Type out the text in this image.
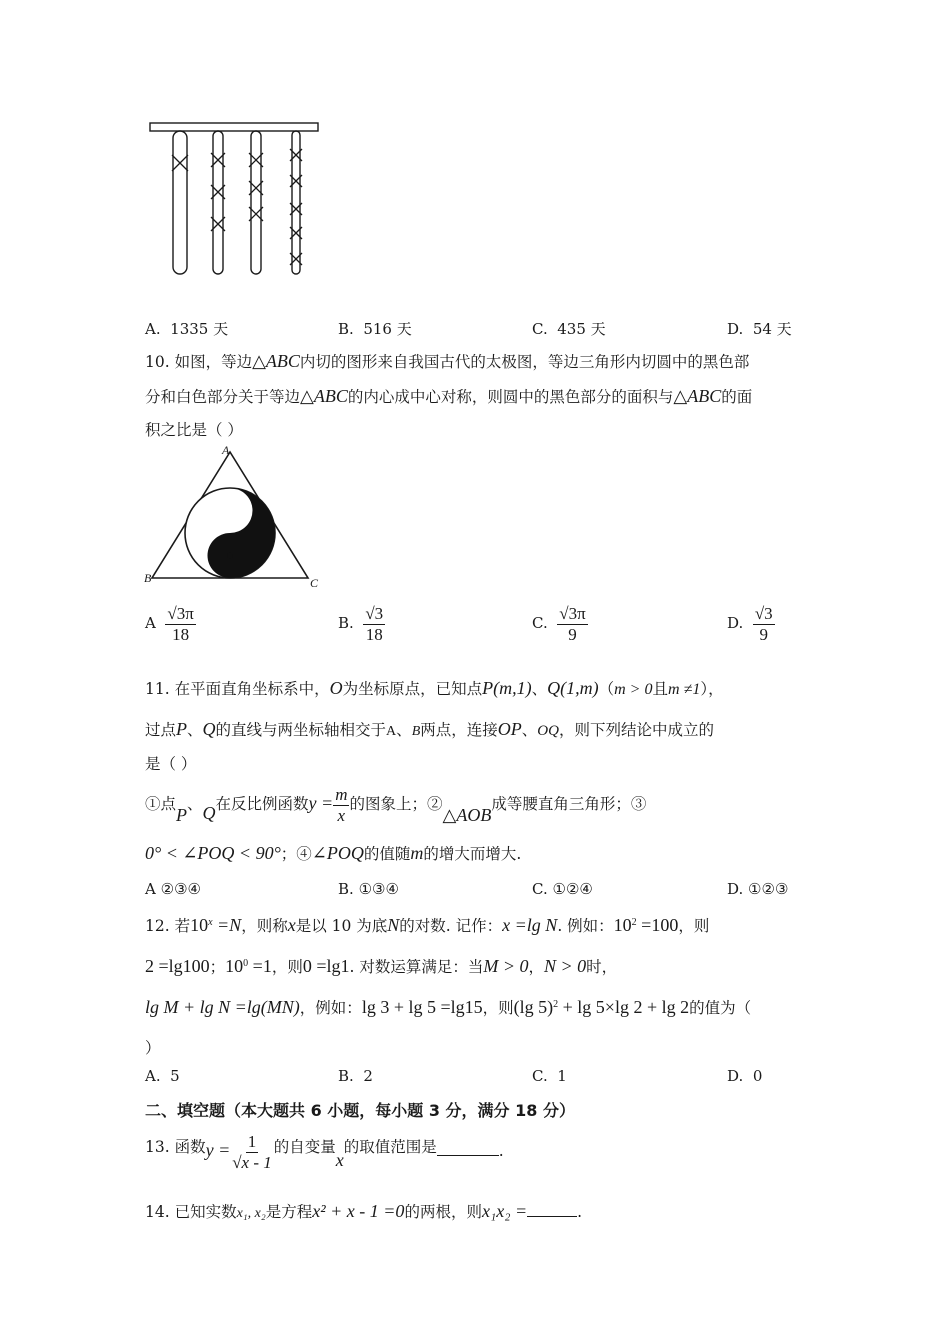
A. 1335 天	B. 516 天	C. 435 天	D. 54 天
10. 如图，等边△ABC内切的图形来自我国古代的太极图，等边三角形内切圆中的黑色部
分和白色部分关于等边△ABC的内心成中心对称，则圆中的黑色部分的面积与△ABC的面
积之比是（ ）
A
B	C
A $\frac{√3\pi}{18}$	B. $\frac{√3}{18}$	C. $\frac{√3\pi}{9}$	D. $\frac{√3}{9}$
11. 在平面直角坐标系中，O为坐标原点，已知点P(m,1)、Q(1,m)（m > 0且m ≠1），
过点P、Q的直线与两坐标轴相交于A、B两点，连接OP、OQ，则下列结论中成立的
是（ ）
①点P、Q在反比例函数$y = \frac{m}{x}$ 的图象上；②△AOB成等腰直角三角形；③
0° < ∠POQ < 90°；④∠POQ的值随m的增大而增大.
A ②③④	B. ①③④	C. ①②④	D. ①②③
12. 若$10^x =N$，则称x是以 10 为底N的对数. 记作：x =lg N. 例如：$10^2 =100$，则
2 =lg100；$10^0 =1$，则0 =lg1. 对数运算满足：当M > 0，N > 0时，
lg M + lg N =lg(MN)，例如：lg 3 + lg 5 =lg15，则(lg 5)$^2$ + lg 5×lg 2 + lg 2的值为（
）
A. 5	B. 2	C. 1	D. 0
二、填空题（本大题共 6 小题，每小题 3 分，满分 18 分）
13. 函数$y = \frac{1}{√x - 1}$ 的自变量x的取值范围是	.
14. 已知实数x₁, x₂是方程x² + x - 1 =0的两根，则x₁x₂ =	.
